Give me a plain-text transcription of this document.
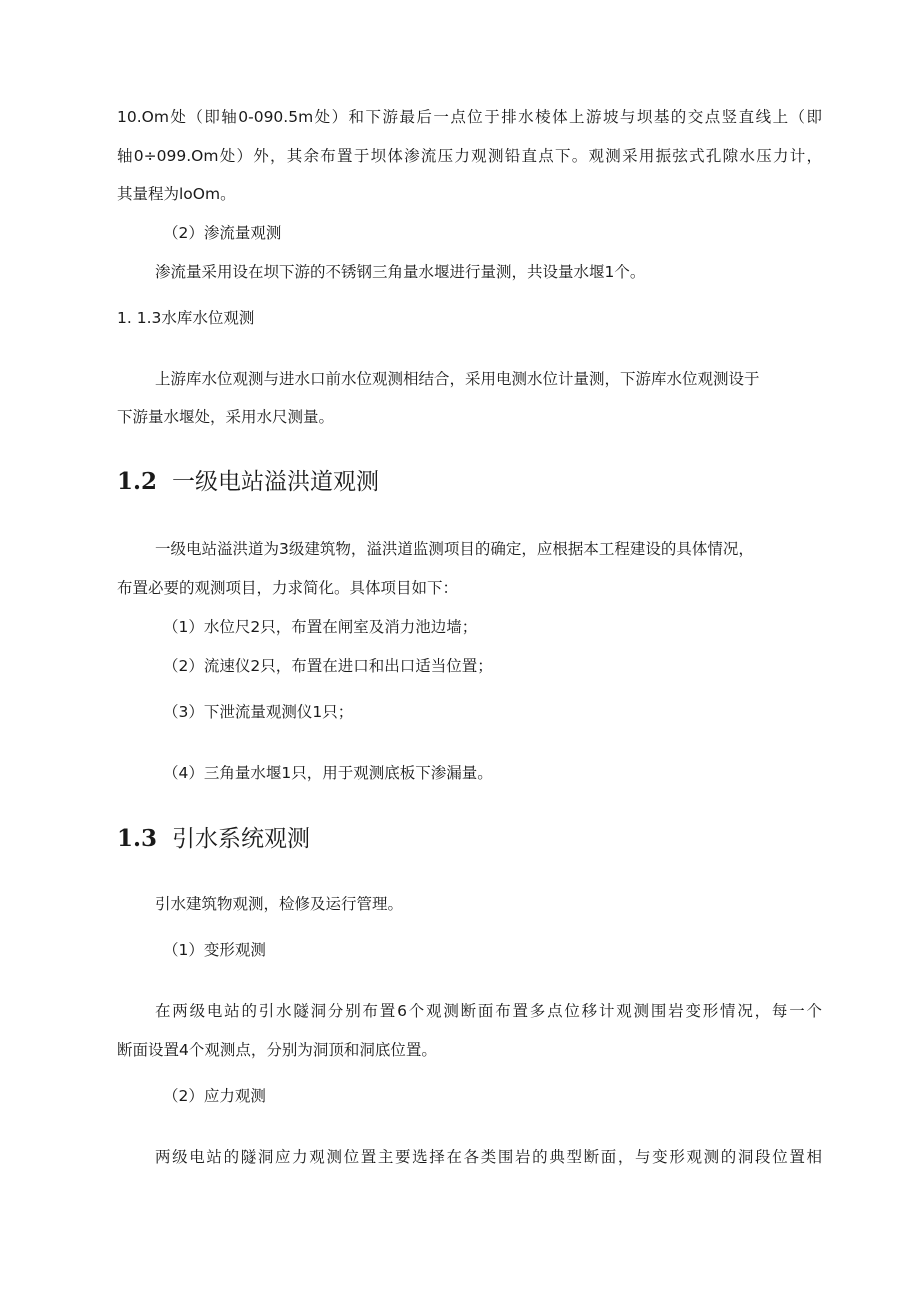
10.Om处（即轴0-090.5m处）和下游最后一点位于排水棱体上游坡与坝基的交点竖直线上（即
轴0÷099.Om处）外，其余布置于坝体渗流压力观测铅直点下。观测采用振弦式孔隙水压力计，
其量程为loOm。
（2）渗流量观测
渗流量采用设在坝下游的不锈钢三角量水堰进行量测，共设量水堰1个。
1. 1.3水库水位观测
上游库水位观测与进水口前水位观测相结合，采用电测水位计量测，下游库水位观测设于
下游量水堰处，采用水尺测量。
1.2 一级电站溢洪道观测
一级电站溢洪道为3级建筑物，溢洪道监测项目的确定，应根据本工程建设的具体情况，
布置必要的观测项目，力求简化。具体项目如下：
（1）水位尺2只，布置在闸室及消力池边墙；
（2）流速仪2只，布置在进口和出口适当位置；
（3）下泄流量观测仪1只；
（4）三角量水堰1只，用于观测底板下渗漏量。
1.3 引水系统观测
引水建筑物观测，检修及运行管理。
（1）变形观测
在两级电站的引水隧洞分别布置6个观测断面布置多点位移计观测围岩变形情况，每一个
断面设置4个观测点，分别为洞顶和洞底位置。
（2）应力观测
两级电站的隧洞应力观测位置主要选择在各类围岩的典型断面，与变形观测的洞段位置相
